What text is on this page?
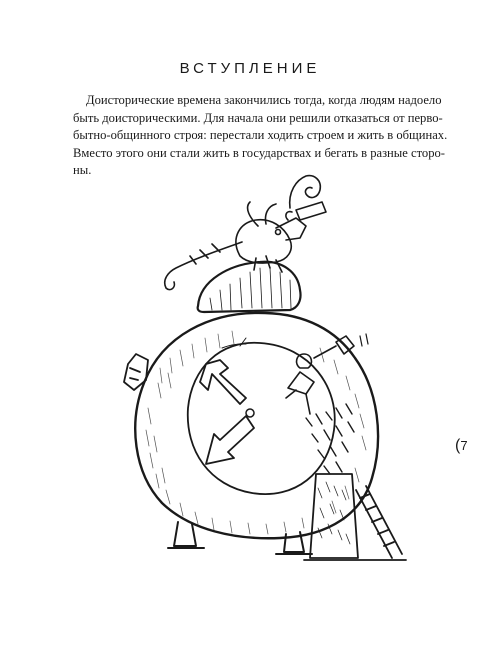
ВСТУПЛЕНИЕ

Доисторические времена закончились тогда, когда людям надоело
быть доисторическими. Для начала они решили отказаться от перво-
бытно-общинного строя: перестали ходить строем и жить в общинах.
Вместо этого они стали жить в государствах и бегать в разные сторо-
ны.

(7
